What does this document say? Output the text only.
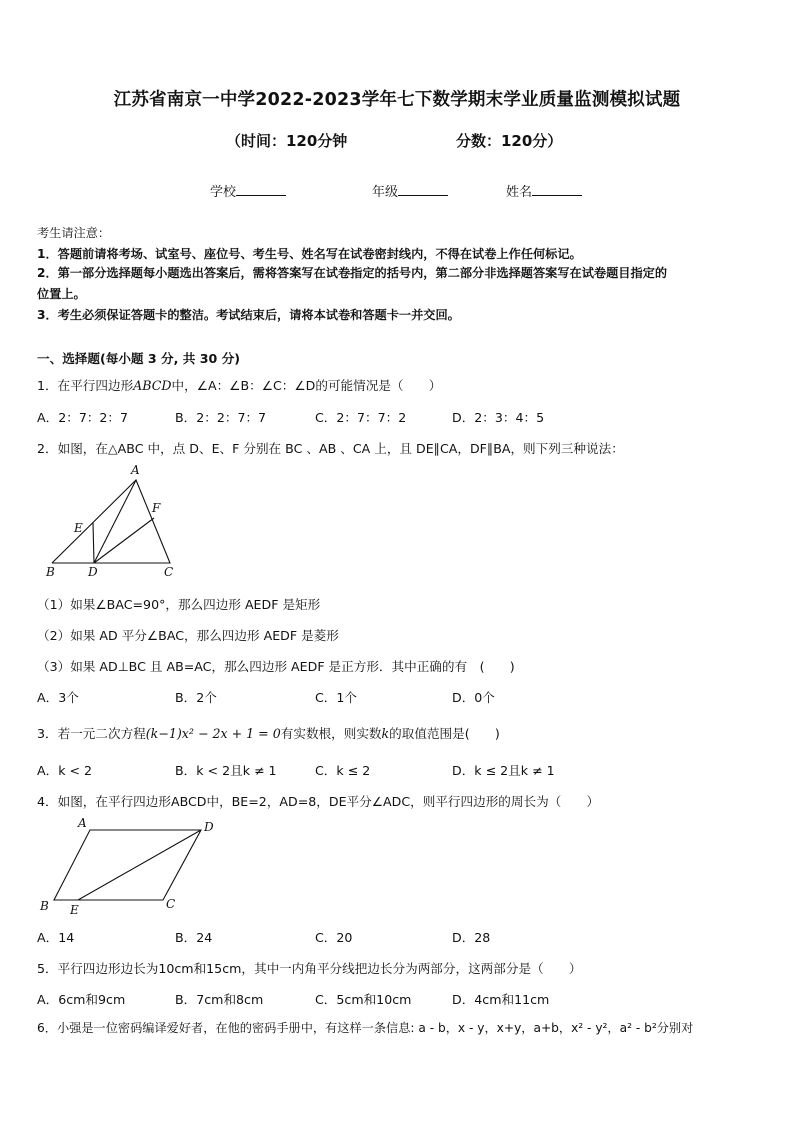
江苏省南京一中学2022-2023学年七下数学期末学业质量监测模拟试题
（时间：120分钟	分数：120分）
学校	年级	姓名
考生请注意：
1．答题前请将考场、试室号、座位号、考生号、姓名写在试卷密封线内，不得在试卷上作任何标记。
2．第一部分选择题每小题选出答案后，需将答案写在试卷指定的括号内，第二部分非选择题答案写在试卷题目指定的
位置上。
3．考生必须保证答题卡的整洁。考试结束后，请将本试卷和答题卡一并交回。
一、选择题(每小题 3 分, 共 30 分)
1．在平行四边形ABCD中，∠A：∠B：∠C：∠D的可能情况是（　　）
A．2：7：2：7	B．2：2：7：7	C．2：7：7：2	D．2：3：4：5
2．如图，在△ABC 中，点 D、E、F 分别在 BC 、AB 、CA 上，且 DE∥CA，DF∥BA，则下列三种说法：
A
B	C
D
E
F
（1）如果∠BAC=90°，那么四边形 AEDF 是矩形
（2）如果 AD 平分∠BAC，那么四边形 AEDF 是菱形
（3）如果 AD⊥BC 且 AB=AC，那么四边形 AEDF 是正方形．其中正确的有　(　　)
A．3个	B．2个	C．1个	D．0个
3．若一元二次方程(k−1)x² − 2x + 1 = 0有实数根，则实数k的取值范围是(　　)
A．k < 2	B．k < 2且k ≠ 1	C．k ≤ 2	D．k ≤ 2且k ≠ 1
4．如图，在平行四边形ABCD中，BE=2，AD=8，DE平分∠ADC，则平行四边形的周长为（　　）
A	D
B E	C
A．14	B．24	C．20	D．28
5．平行四边形边长为10cm和15cm，其中一内角平分线把边长分为两部分，这两部分是（　　）
A．6cm和9cm	B．7cm和8cm	C．5cm和10cm	D．4cm和11cm
6．小强是一位密码编译爱好者，在他的密码手册中，有这样一条信息: a - b，x - y，x+y，a+b，x² - y²，a² - b²分别对
